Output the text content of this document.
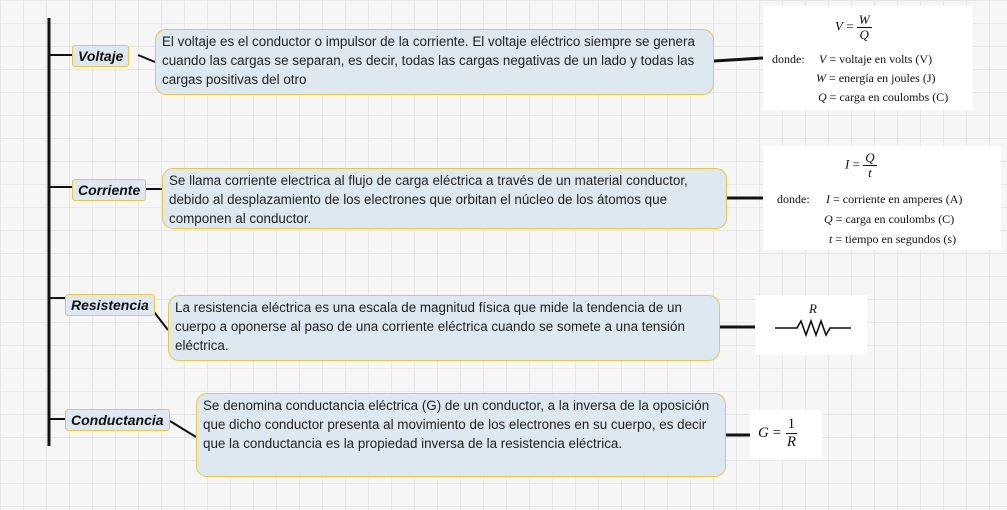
Voltaje
El voltaje es el conductor o impulsor de la corriente. El voltaje eléctrico siempre se genera cuando las cargas se separan, es decir, todas las cargas negativas de un lado y todas las cargas positivas del otro
$V = \frac{W}{Q}$
donde: V = voltaje en volts (V)
W = energía en joules (J)
Q = carga en coulombs (C)
Corriente
Se llama corriente electrica al flujo de carga eléctrica a través de un material conductor, debido al desplazamiento de los electrones que orbitan el núcleo de los átomos que componen al conductor.
$I = \frac{Q}{t}$
donde: I = corriente en amperes (A)
Q = carga en coulombs (C)
t = tiempo en segundos (s)
Resistencia	La resistencia eléctrica es una escala de magnitud física que mide la tendencia de un cuerpo a oponerse al paso de una corriente eléctrica cuando se somete a una tensión eléctrica.
R
Conductancia
Se denomina conductancia eléctrica (G) de un conductor, a la inversa de la oposición que dicho conductor presenta al movimiento de los electrones en su cuerpo, es decir que la conductancia es la propiedad inversa de la resistencia eléctrica.
$G = \frac{1}{R}$
